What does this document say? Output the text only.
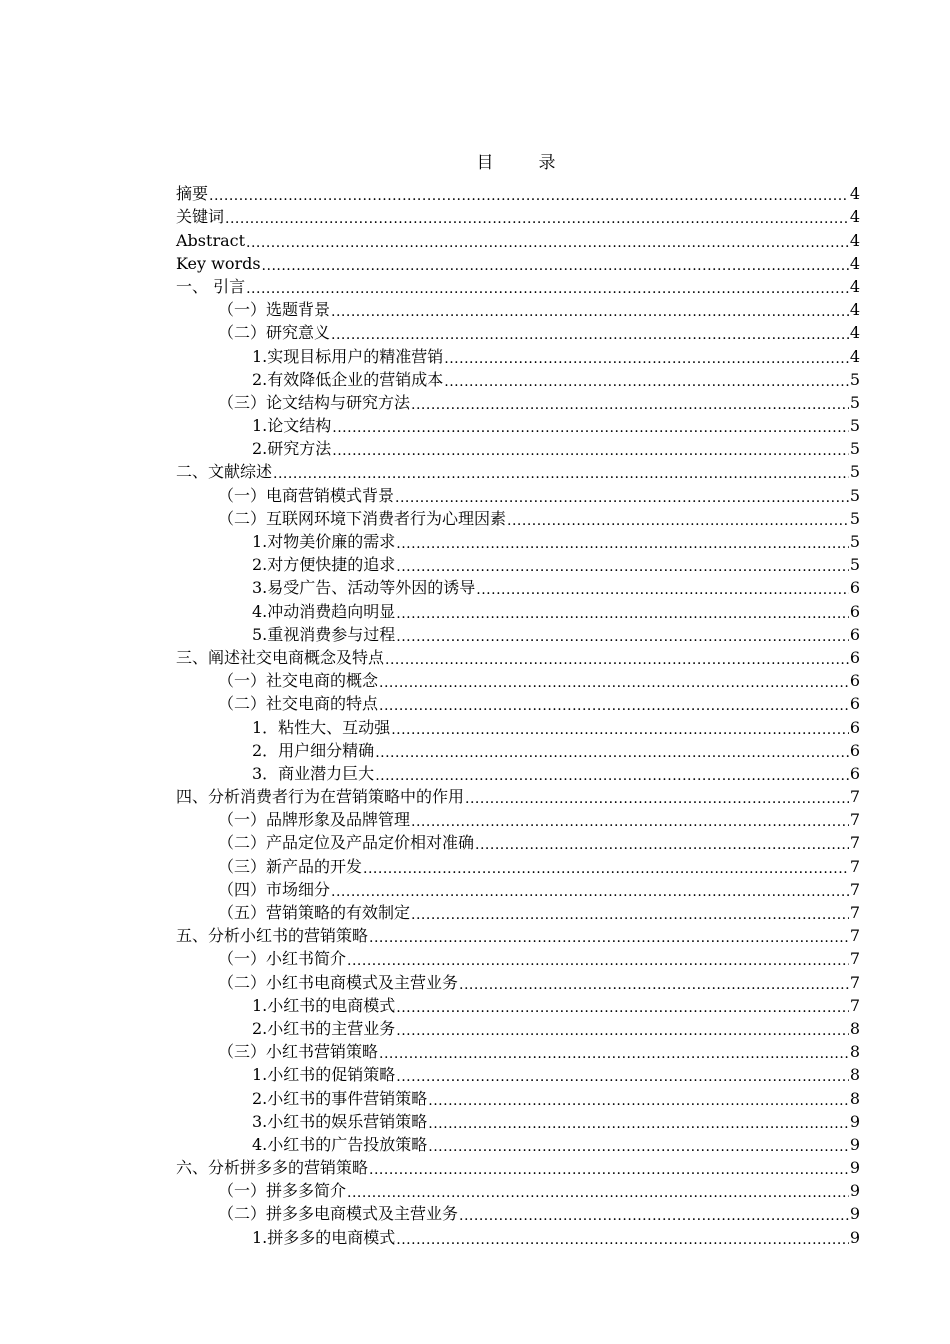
目　录
摘要 .....	4
关键词 .....	4
Abstract .....	4
Key words .....	4
一、 引言 .....	4
（一）选题背景 .....	4
（二）研究意义 .....	4
1.实现目标用户的精准营销 .....	4
2.有效降低企业的营销成本 .....	5
（三）论文结构与研究方法 .....	5
1.论文结构 .....	5
2.研究方法 .....	5
二、文献综述 .....	5
（一）电商营销模式背景 .....	5
（二）互联网环境下消费者行为心理因素 .....	5
1.对物美价廉的需求 .....	5
2.对方便快捷的追求 .....	5
3.易受广告、活动等外因的诱导 .....	6
4.冲动消费趋向明显 .....	6
5.重视消费参与过程 .....	6
三、阐述社交电商概念及特点 .....	6
（一）社交电商的概念 .....	6
（二）社交电商的特点 .....	6
1．粘性大、互动强 .....	6
2．用户细分精确 .....	6
3．商业潜力巨大 .....	6
四、分析消费者行为在营销策略中的作用 .....	7
（一）品牌形象及品牌管理 .....	7
（二）产品定位及产品定价相对准确 .....	7
（三）新产品的开发 .....	7
（四）市场细分 .....	7
（五）营销策略的有效制定 .....	7
五、分析小红书的营销策略 .....	7
（一）小红书简介 .....	7
（二）小红书电商模式及主营业务 .....	7
1.小红书的电商模式 .....	7
2.小红书的主营业务 .....	8
（三）小红书营销策略 .....	8
1.小红书的促销策略 .....	8
2.小红书的事件营销策略 .....	8
3.小红书的娱乐营销策略 .....	9
4.小红书的广告投放策略 .....	9
六、分析拼多多的营销策略 .....	9
（一）拼多多简介 .....	9
（二）拼多多电商模式及主营业务 .....	9
1.拼多多的电商模式 .....	9
